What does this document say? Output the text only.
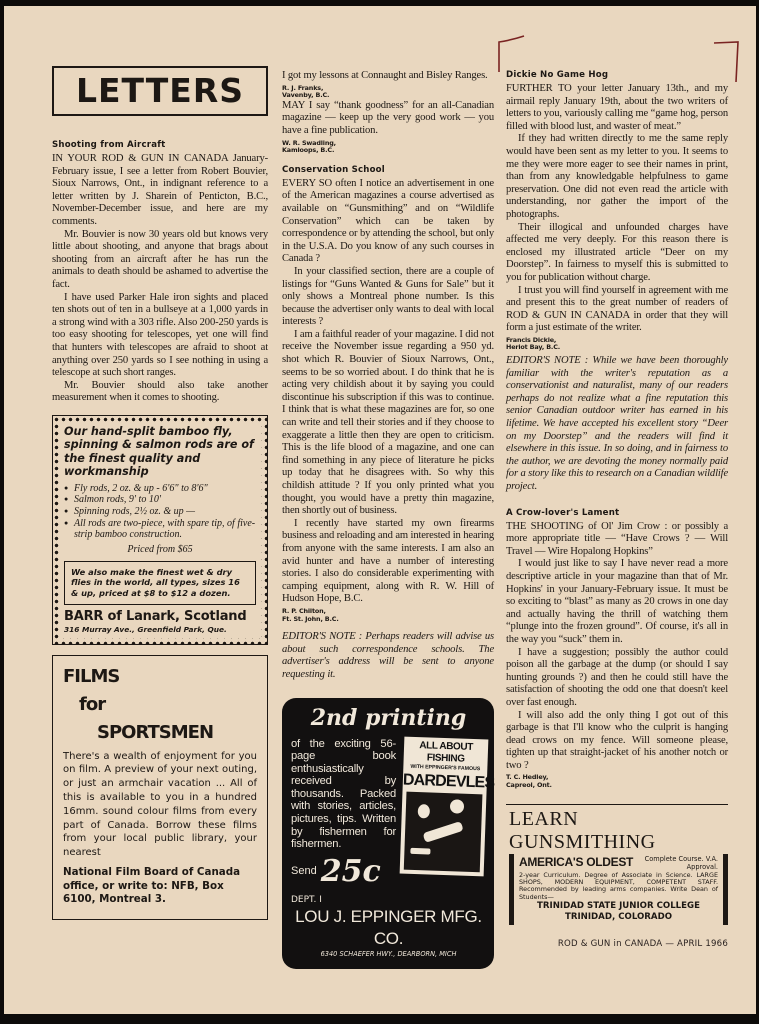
LETTERS
Shooting from Aircraft

IN YOUR ROD & GUN IN CANADA January-February issue, I see a letter from Robert Bouvier, Sioux Narrows, Ont., in indignant reference to a letter written by J. Sharein of Penticton, B.C., November-December issue, and here are my comments.

Mr. Bouvier is now 30 years old but knows very little about shooting, and anyone that brags about shooting from an aircraft after he has run the animals to death should be ashamed to advertise the fact.

I have used Parker Hale iron sights and placed ten shots out of ten in a bullseye at a 1,000 yards in a strong wind with a 303 rifle. Also 200-250 yards is too easy shooting for telescopes, yet one will find that hunters with telescopes are afraid to shoot at anything over 250 yards so I see nothing in using a telescope at such short ranges.

Mr. Bouvier should also take another measurement when it comes to shooting.

Our hand-split bamboo fly, spinning & salmon rods are of the finest quality and workmanship
● Fly rods, 2 oz. & up - 6'6" to 8'6"
● Salmon rods, 9' to 10'
● Spinning rods, 2½ oz. & up —
● All rods are two-piece, with spare tip, of five-strip bamboo construction.
Priced from $65
We also make the finest wet & dry flies in the world, all types, sizes 16 & up, priced at $8 to $12 a dozen.
BARR of Lanark, Scotland
316 Murray Ave., Greenfield Park, Que.
FILMS
for
SPORTSMEN
There's a wealth of enjoyment for you on film. A preview of your next outing, or just an armchair vacation ... All of this is available to you in a hundred 16mm. sound colour films from every part of Canada. Borrow these films from your local public library, your nearest
National Film Board of Canada office, or write to: NFB, Box 6100, Montreal 3.

I got my lessons at Connaught and Bisley Ranges.

R. J. Franks,
Vavenby, B.C.

MAY I say “thank goodness” for an all-Canadian magazine — keep up the very good work — you have a fine publication.

W. R. Swadling,
Kamloops, B.C.
Conservation School

EVERY SO often I notice an advertisement in one of the American magazines a course advertised as available on “Gunsmithing” and on “Wildlife Conservation” which can be taken by correspondence or by attending the school, but only in the U.S.A. Do you know of any such courses in Canada ?

In your classified section, there are a couple of listings for “Guns Wanted & Guns for Sale” but it only shows a Montreal phone number. Is this because the advertiser only wants to deal with local interests ?

I am a faithful reader of your magazine. I did not receive the November issue regarding a 950 yd. shot which R. Bouvier of Sioux Narrows, Ont., seems to be so worried about. I do think that he is acting very childish about it by saying you could discontinue his subscription if this was to continue. I think that is what these magazines are for, so one can write and tell their stories and if they choose to exaggerate a little then they are open to criticism. This is the life blood of a magazine, and one can find something in any piece of literature he picks up today that he disagrees with. So why this childish attitude ? If you only printed what you thought, you would have a pretty thin magazine, then shortly out of business.

I recently have started my own firearms business and reloading and am interested in hearing from anyone with the same interests. I am also an avid hunter and have a number of interesting stories. I also do considerable experimenting with camping equipment, along with R. W. Hill of Hudson Hope, B.C.

R. P. Chilton,
Ft. St. John, B.C.

EDITOR'S NOTE : Perhaps readers will advise us about such correspondence schools. The advertiser's address will be sent to anyone requesting it.

2nd printing
of the exciting 56-page book enthusiastically received by thousands. Packed with stories, articles, pictures, tips. Written by fishermen for fishermen.
Send 25c
ALL ABOUT FISHING
WITH EPPINGER'S FAMOUS
DARDEVLES
DEPT. I
LOU J. EPPINGER MFG. CO.
6340 SCHAEFER HWY., DEARBORN, MICH
Dickie No Game Hog

FURTHER TO your letter January 13th., and my airmail reply January 19th, about the two writers of letters to you, variously calling me “game hog, person filled with blood lust, and waster of meat.”

If they had written directly to me the same reply would have been sent as my letter to you. It seems to me they were more eager to see their names in print, than from any knowledgable helpfulness to game preservation. One did not even read the article with understanding, nor gather the import of the photographs.

Their illogical and unfounded charges have affected me very deeply. For this reason there is enclosed my illustrated article “Deer on my Doorstep”. In fairness to myself this is submitted to you for publication without charge.

I trust you will find yourself in agreement with me and present this to the great number of readers of ROD & GUN IN CANADA in order that they will form a just estimate of the writer.

Francis Dickie,
Heriot Bay, B.C.

EDITOR'S NOTE : While we have been thoroughly familiar with the writer's reputation as a conservationist and naturalist, many of our readers perhaps do not realize what a fine reputation this senior Canadian outdoor writer has earned in his lifetime. We have accepted his excellent story “Deer on my Doorstep” and the readers will find it elsewhere in this issue. In so doing, and in fairness to the author, we are devoting the money normally paid for a story like this to research on a Canadian wildlife project.

A Crow-lover's Lament

THE SHOOTING of Ol' Jim Crow : or possibly a more appropriate title — “Have Crows ? — Will Travel — Wire Hopalong Hopkins”

I would just like to say I have never read a more descriptive article in your magazine than that of Mr. Hopkins' in your January-February issue. It must be so exciting to “blast” as many as 20 crows in one day and actually having the thrill of watching them “plunge into the frozen ground”. Of course, it's all in the way you “suck” them in.

I have a suggestion; possibly the author could poison all the garbage at the dump (or should I say hunting grounds ?) and then he could still have the satisfaction of shooting the odd one that doesn't keel over fast enough.

I will also add the only thing I got out of this garbage is that I'll know who the culprit is hanging dead crows on my fence. Will someone please, tighten up that straight-jacket of his another notch or two ?

T. C. Hedley,
Capreol, Ont.
LEARN GUNSMITHING
AMERICA'S OLDEST	Complete Course. V.A. Approval.
2-year Curriculum. Degree of Associate in Science. LARGE SHOPS, MODERN EQUIPMENT, COMPETENT STAFF. Recommended by leading arms companies. Write Dean of Students—
TRINIDAD STATE JUNIOR COLLEGE
TRINIDAD, COLORADO
ROD & GUN in CANADA — APRIL 1966
